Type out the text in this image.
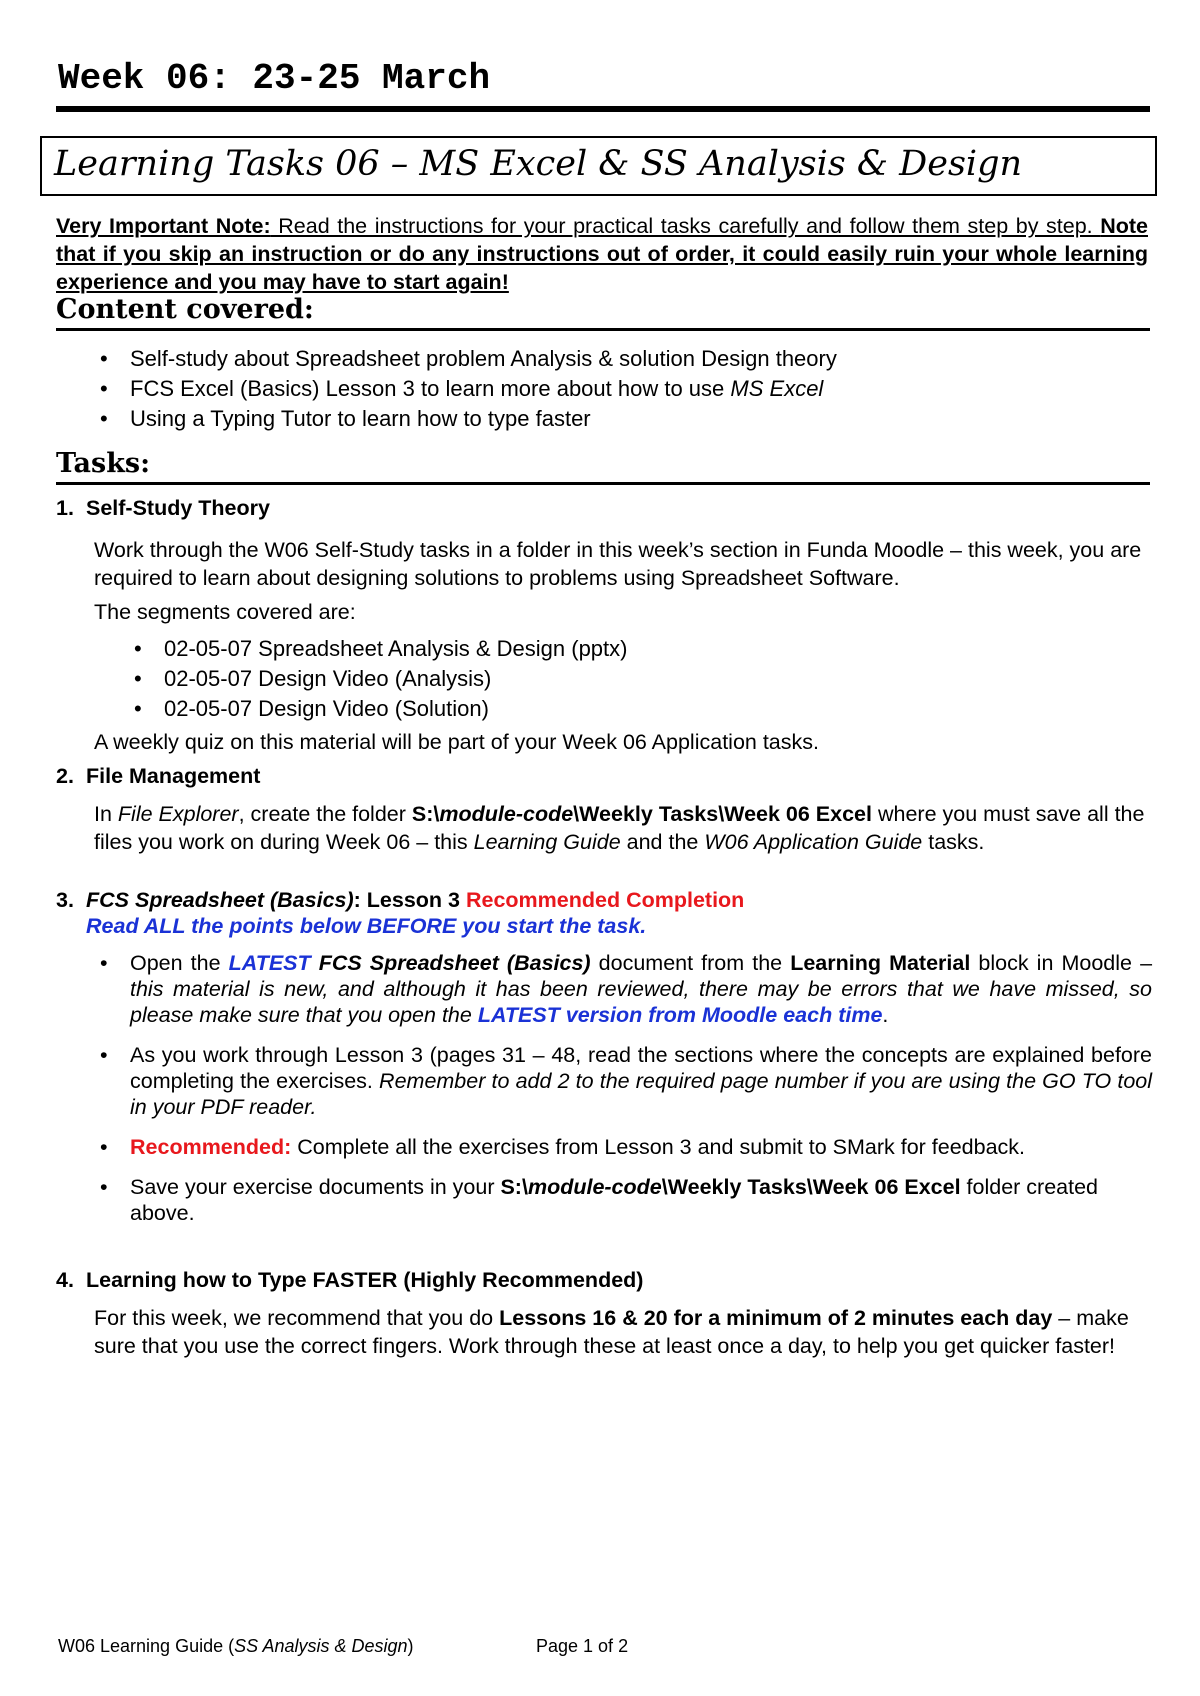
Week 06: 23-25 March
Learning Tasks 06 – MS Excel & SS Analysis & Design
Very Important Note: Read the instructions for your practical tasks carefully and follow them step by step. Note that if you skip an instruction or do any instructions out of order, it could easily ruin your whole learning experience and you may have to start again!
Content covered:
• Self-study about Spreadsheet problem Analysis & solution Design theory
• FCS Excel (Basics) Lesson 3 to learn more about how to use MS Excel
• Using a Typing Tutor to learn how to type faster
Tasks:
1. Self-Study Theory
Work through the W06 Self-Study tasks in a folder in this week’s section in Funda Moodle – this week, you are required to learn about designing solutions to problems using Spreadsheet Software.
The segments covered are:
• 02-05-07 Spreadsheet Analysis & Design (pptx)
• 02-05-07 Design Video (Analysis)
• 02-05-07 Design Video (Solution)
A weekly quiz on this material will be part of your Week 06 Application tasks.
2. File Management
In File Explorer, create the folder S:\module-code\Weekly Tasks\Week 06 Excel where you must save all the files you work on during Week 06 – this Learning Guide and the W06 Application Guide tasks.
3. FCS Spreadsheet (Basics): Lesson 3 Recommended Completion
Read ALL the points below BEFORE you start the task.
• Open the LATEST FCS Spreadsheet (Basics) document from the Learning Material block in Moodle – this material is new, and although it has been reviewed, there may be errors that we have missed, so please make sure that you open the LATEST version from Moodle each time.
• As you work through Lesson 3 (pages 31 – 48, read the sections where the concepts are explained before completing the exercises. Remember to add 2 to the required page number if you are using the GO TO tool in your PDF reader.
• Recommended: Complete all the exercises from Lesson 3 and submit to SMark for feedback.
• Save your exercise documents in your S:\module-code\Weekly Tasks\Week 06 Excel folder created above.
4. Learning how to Type FASTER (Highly Recommended)
For this week, we recommend that you do Lessons 16 & 20 for a minimum of 2 minutes each day – make sure that you use the correct fingers. Work through these at least once a day, to help you get quicker faster!
W06 Learning Guide (SS Analysis & Design)	Page 1 of 2
